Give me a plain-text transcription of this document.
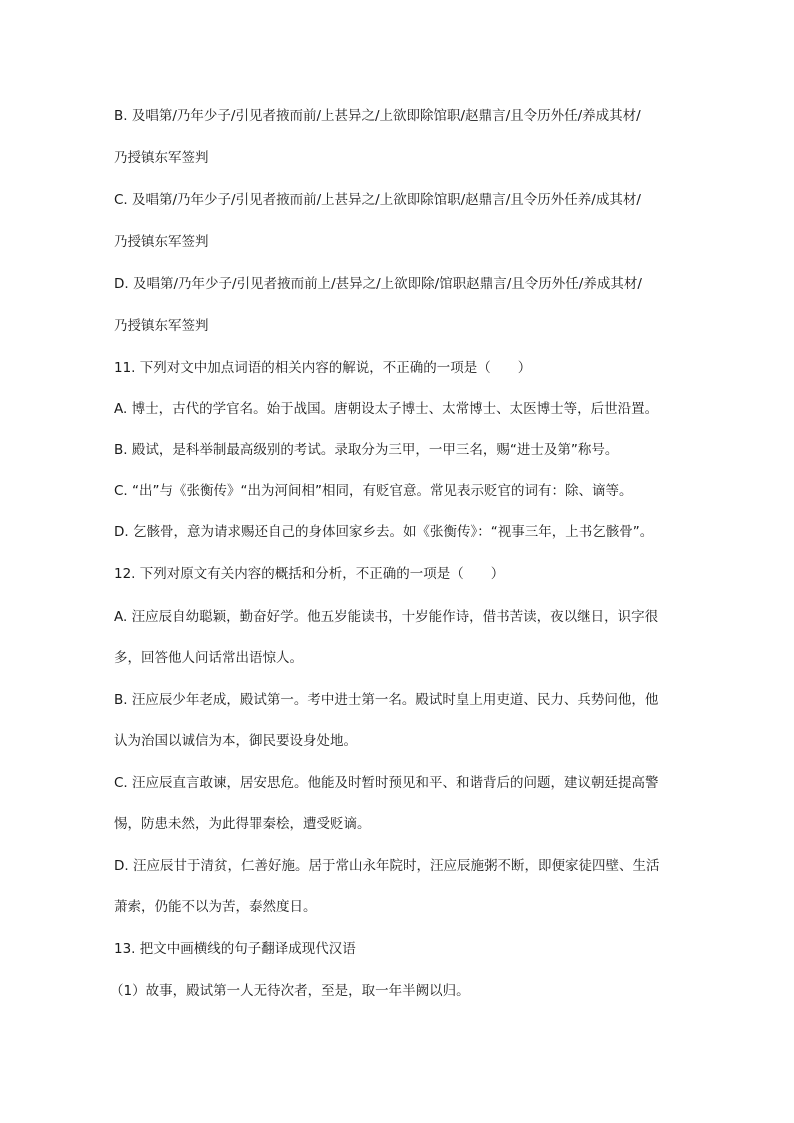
B. 及唱第/乃年少子/引见者掖而前/上甚异之/上欲即除馆职/赵鼎言/且令历外任/养成其材/
乃授镇东军签判
C. 及唱第/乃年少子/引见者掖而前/上甚异之/上欲即除馆职/赵鼎言/且令历外任养/成其材/
乃授镇东军签判
D. 及唱第/乃年少子/引见者掖而前上/甚异之/上欲即除/馆职赵鼎言/且令历外任/养成其材/
乃授镇东军签判
11. 下列对文中加点词语的相关内容的解说，不正确的一项是（　　）
A. 博士，古代的学官名。始于战国。唐朝设太子博士、太常博士、太医博士等，后世沿置。
B. 殿试，是科举制最高级别的考试。录取分为三甲，一甲三名，赐“进士及第”称号。
C. “出”与《张衡传》“出为河间相”相同，有贬官意。常见表示贬官的词有：除、谪等。
D. 乞骸骨，意为请求赐还自己的身体回家乡去。如《张衡传》：“视事三年，上书乞骸骨”。
12. 下列对原文有关内容的概括和分析，不正确的一项是（　　）
A. 汪应辰自幼聪颖，勤奋好学。他五岁能读书，十岁能作诗，借书苦读，夜以继日，识字很
多，回答他人问话常出语惊人。
B. 汪应辰少年老成，殿试第一。考中进士第一名。殿试时皇上用吏道、民力、兵势问他，他
认为治国以诚信为本，御民要设身处地。
C. 汪应辰直言敢谏，居安思危。他能及时暂时预见和平、和谐背后的问题，建议朝廷提高警
惕，防患未然，为此得罪秦桧，遭受贬谪。
D. 汪应辰甘于清贫，仁善好施。居于常山永年院时，汪应辰施粥不断，即便家徒四壁、生活
萧索，仍能不以为苦，泰然度日。
13. 把文中画横线的句子翻译成现代汉语
（1）故事，殿试第一人无待次者，至是，取一年半阙以归。
